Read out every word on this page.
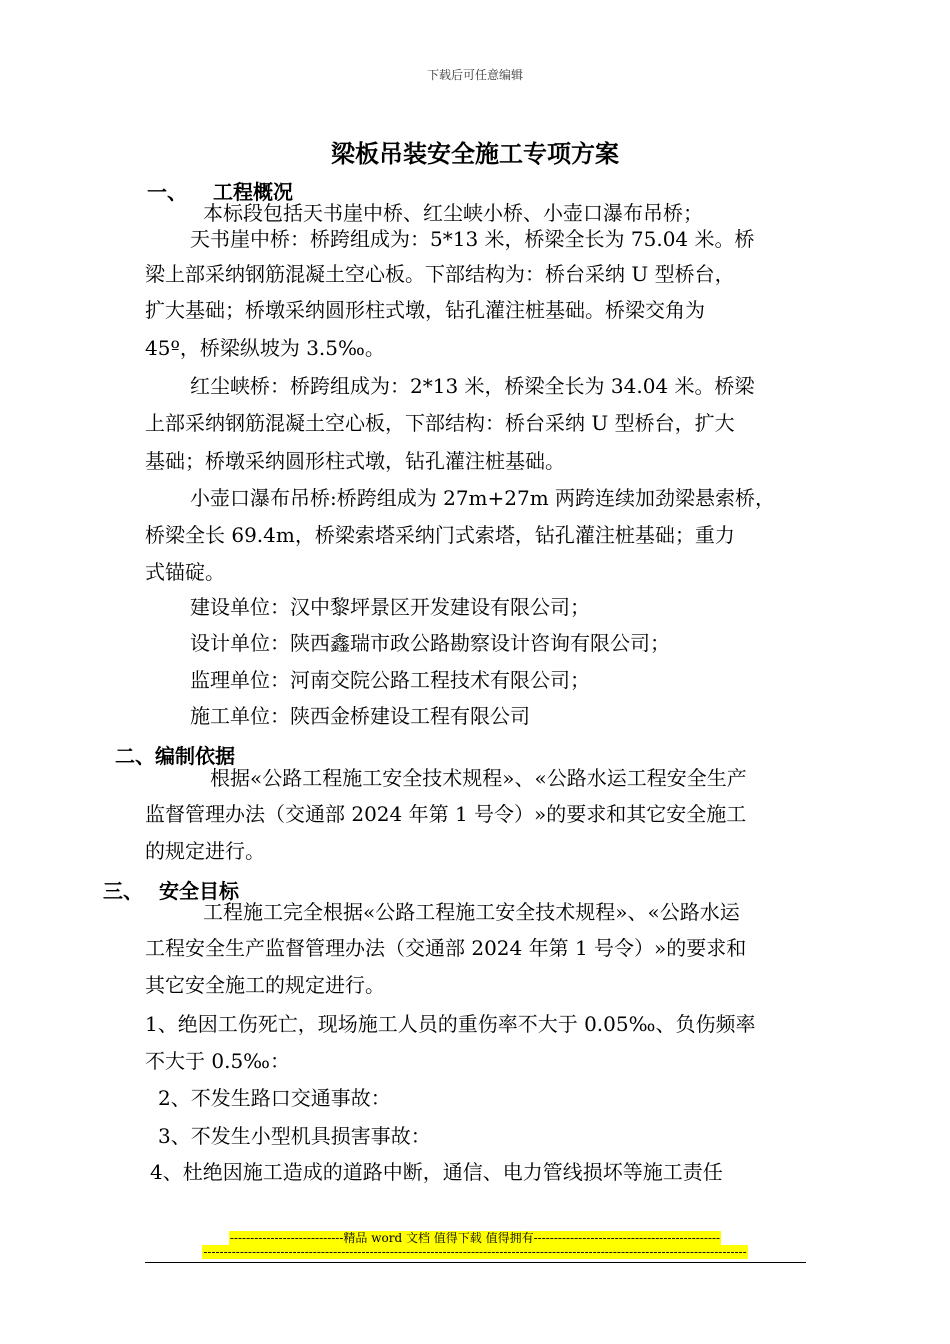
下载后可任意编辑
梁板吊装安全施工专项方案
一、 工程概况
本标段包括天书崖中桥、红尘峡小桥、小壶口瀑布吊桥；
天书崖中桥：桥跨组成为：5*13 米，桥梁全长为 75.04 米。桥
梁上部采纳钢筋混凝土空心板。下部结构为：桥台采纳 U 型桥台，
扩大基础；桥墩采纳圆形柱式墩，钻孔灌注桩基础。桥梁交角为
45º，桥梁纵坡为 3.5‰。
红尘峡桥：桥跨组成为：2*13 米，桥梁全长为 34.04 米。桥梁
上部采纳钢筋混凝土空心板，下部结构：桥台采纳 U 型桥台，扩大
基础；桥墩采纳圆形柱式墩，钻孔灌注桩基础。
小壶口瀑布吊桥:桥跨组成为 27m+27m 两跨连续加劲梁悬索桥，
桥梁全长 69.4m，桥梁索塔采纳门式索塔，钻孔灌注桩基础；重力
式锚碇。
建设单位：汉中黎坪景区开发建设有限公司；
设计单位：陕西鑫瑞市政公路勘察设计咨询有限公司；
监理单位：河南交院公路工程技术有限公司；
施工单位：陕西金桥建设工程有限公司
二、编制依据
根据«公路工程施工安全技术规程»、«公路水运工程安全生产
监督管理办法（交通部 2024 年第 1 号令）»的要求和其它安全施工
的规定进行。
三、 安全目标
工程施工完全根据«公路工程施工安全技术规程»、«公路水运
工程安全生产监督管理办法（交通部 2024 年第 1 号令）»的要求和
其它安全施工的规定进行。
1、绝因工伤死亡，现场施工人员的重伤率不大于 0.05‰、负伤频率
不大于 0.5‰：
2、不发生路口交通事故：
3、不发生小型机具损害事故：
4、杜绝因施工造成的道路中断，通信、电力管线损坏等施工责任
----------------------------精品 word 文档 值得下载 值得拥有----------------------------------------------
--------------------------------------------------------------------------------------------------------------------------------------
